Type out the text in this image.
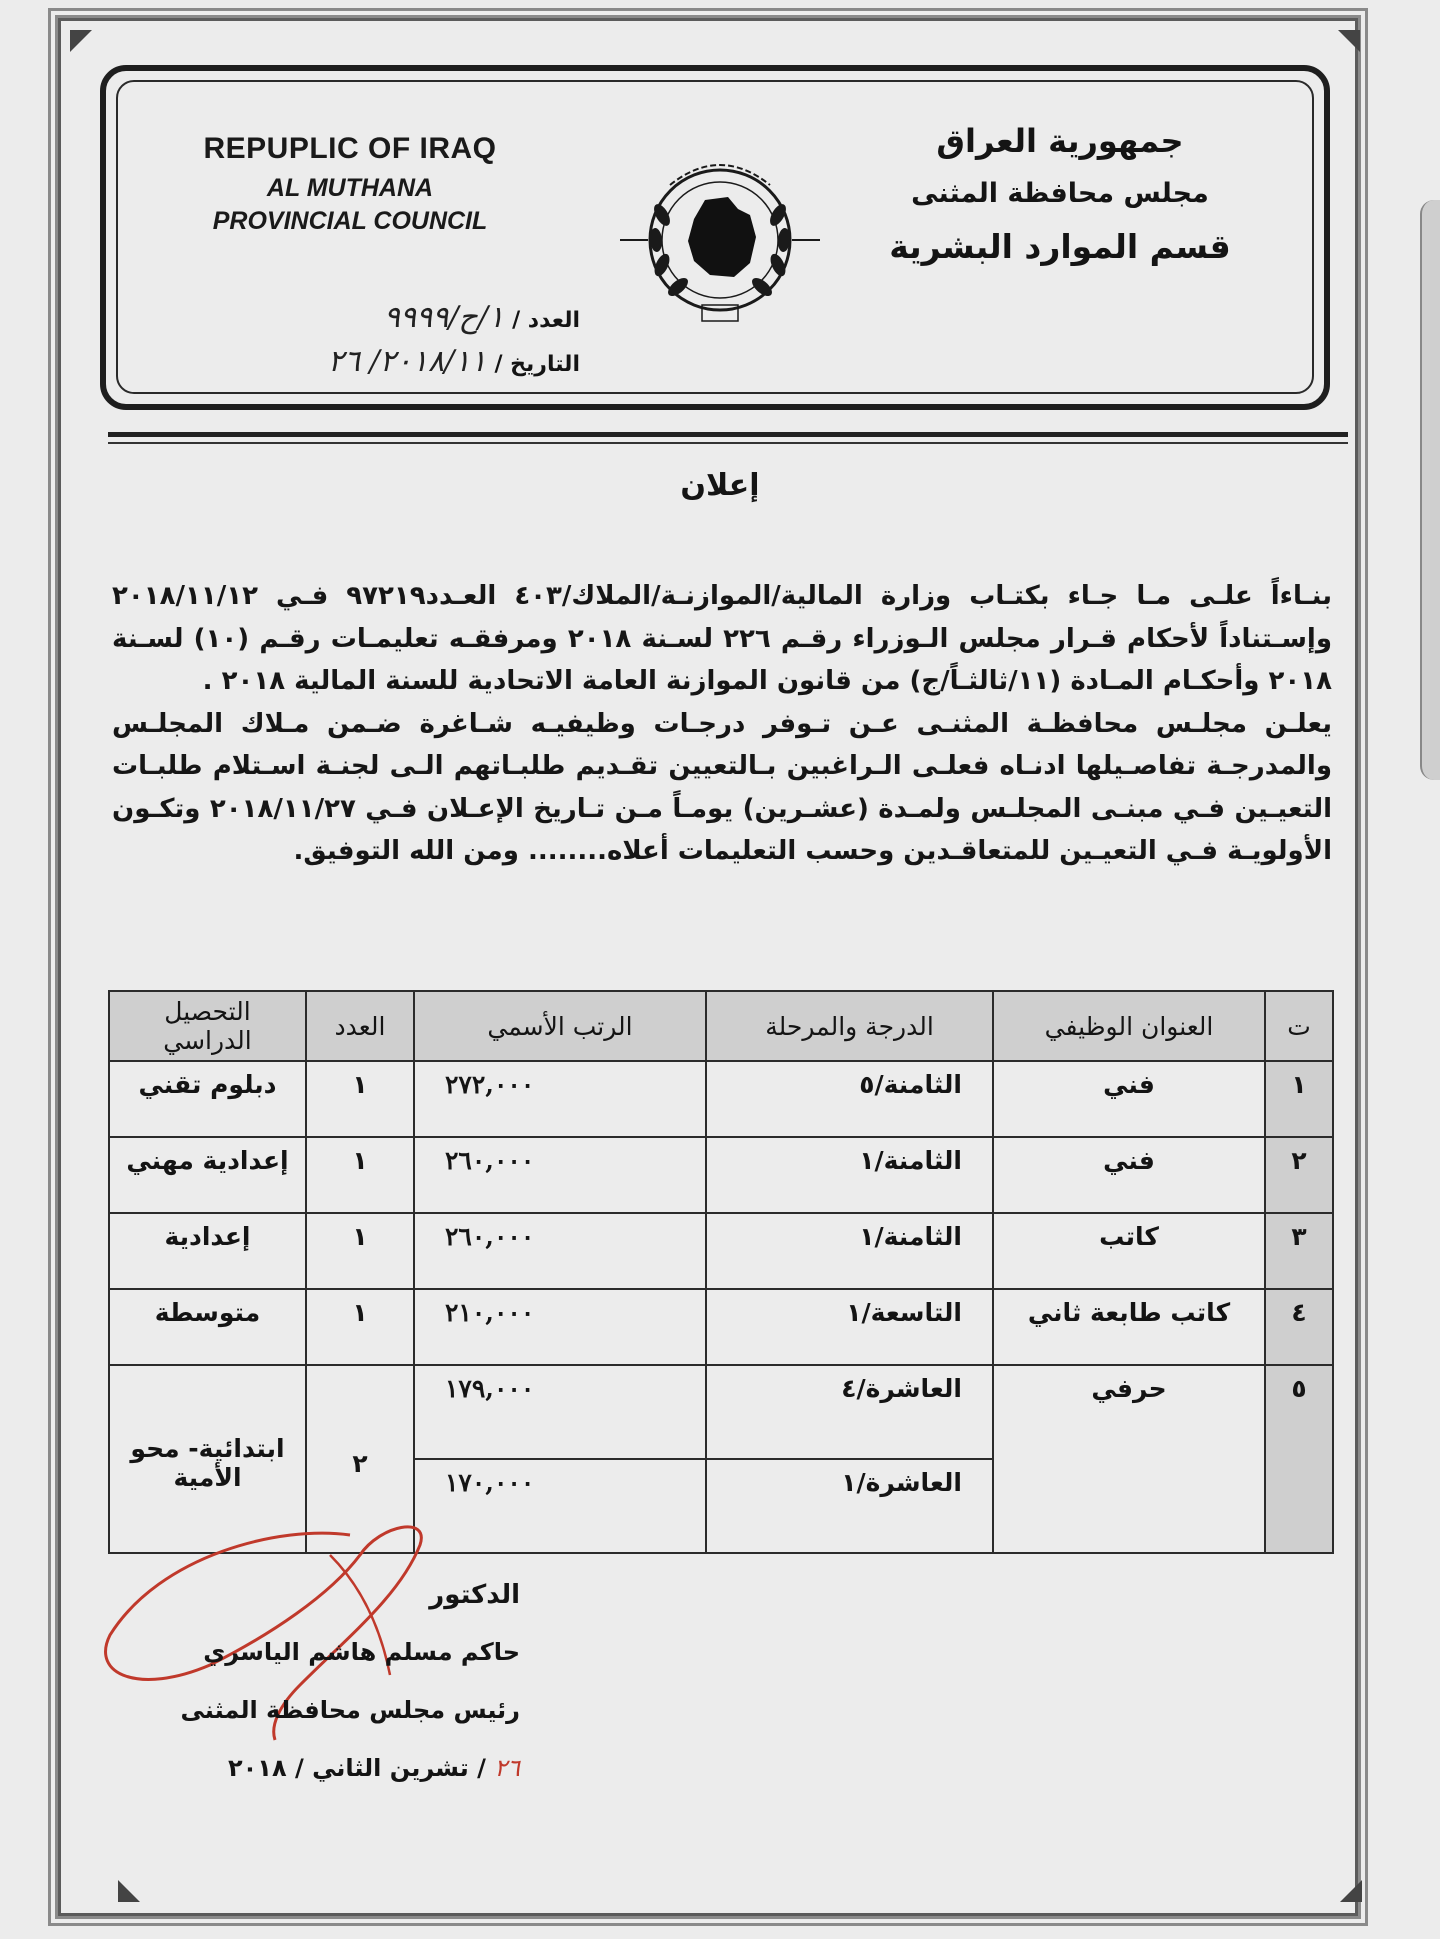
REPUPLIC OF IRAQ
AL MUTHANA
PROVINCIAL COUNCIL
العدد /
١/ح/٩٩٩٩
التاريخ /
٢٠١٨/١١/ ٢٦
جمهورية العراق
مجلس محافظة المثنى
قسم الموارد البشرية
إعلان

بنـاءاً علـى مـا جـاء بكتـاب وزارة المالية/الموازنـة/الملاك/٤٠٣ العـدد٩٧٢١٩ فـي ٢٠١٨/١١/١٢ وإسـتناداً لأحكام قـرار مجلس الـوزراء رقـم ٢٢٦ لسـنة ٢٠١٨ ومرفقـه تعليمـات رقـم (١٠) لسـنة ٢٠١٨ وأحكـام المـادة (١١/ثالثـاً/ج) من قانون الموازنة العامة الاتحادية للسنة المالية ٢٠١٨ .

يعلـن مجلـس محافظـة المثنـى عـن تـوفر درجـات وظيفيـه شـاغرة ضـمن مـلاك المجلـس والمدرجـة تفاصـيلها ادنـاه فعلـى الـراغبين بـالتعيين تقـديم طلبـاتهم الـى لجنـة اسـتلام طلبـات التعيـين فـي مبنـى المجلـس ولمـدة (عشـرين) يومـاً مـن تـاريخ الإعـلان فـي ٢٠١٨/١١/٢٧ وتكـون الأولويـة فـي التعيـين للمتعاقـدين وحسب التعليمات أعلاه........ ومن الله التوفيق.

ت	العنوان الوظيفي	الدرجة والمرحلة	الرتب الأسمي	العدد	التحصيل الدراسي
١	فني	الثامنة/٥	٢٧٢,٠٠٠	١	دبلوم تقني
٢	فني	الثامنة/١	٢٦٠,٠٠٠	١	إعدادية مهني
٣	كاتب	الثامنة/١	٢٦٠,٠٠٠	١	إعدادية
٤	كاتب طابعة ثاني	التاسعة/١	٢١٠,٠٠٠	١	متوسطة
٥	حرفي	العاشرة/٤	١٧٩,٠٠٠	٢	ابتدائية- محو الأمية
		العاشرة/١	١٧٠,٠٠٠		
الدكتور
حاكم مسلم هاشم الياسري
رئيس مجلس محافظة المثنى
٢٦ / تشرين الثاني / ٢٠١٨
